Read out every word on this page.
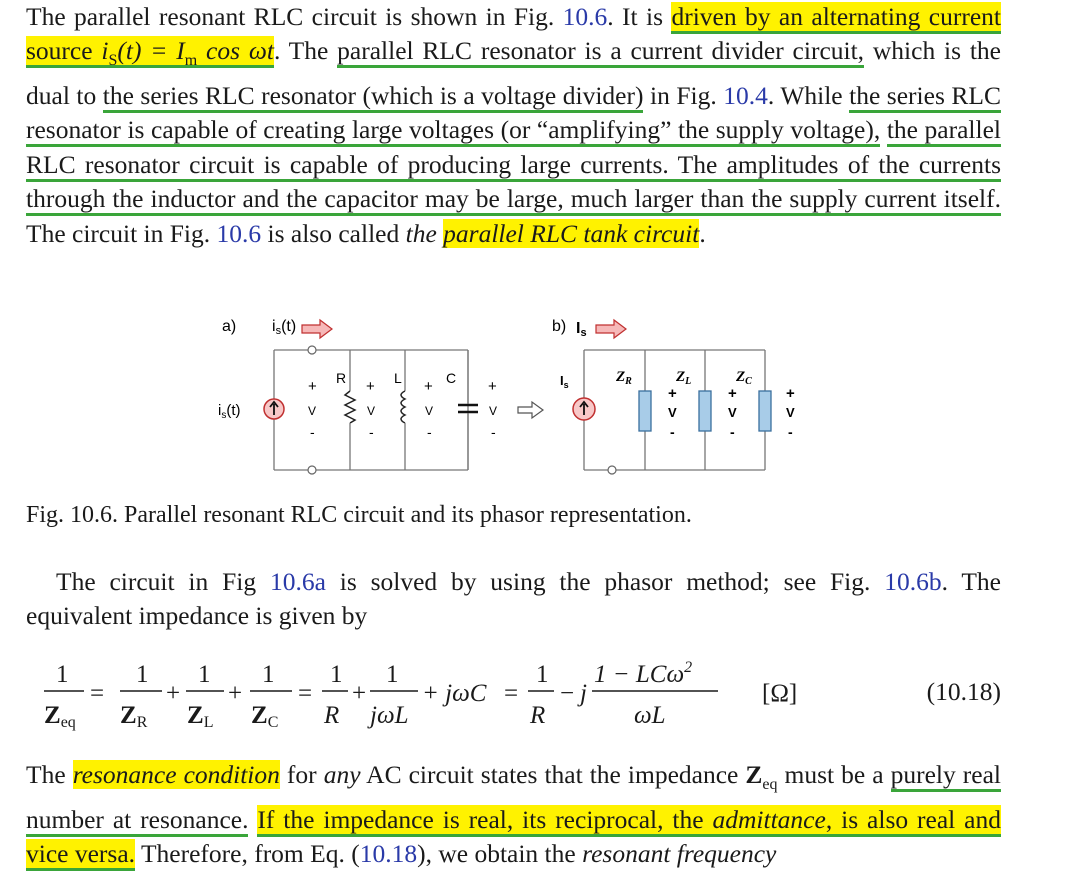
The parallel resonant RLC circuit is shown in Fig. 10.6. It is driven by an alternating current source $i_S(t) = I_m$ cos ωt. The parallel RLC resonator is a current divider circuit, which is the dual to the series RLC resonator (which is a voltage divider) in Fig. 10.4. While the series RLC resonator is capable of creating large voltages (or “amplifying” the supply voltage), the parallel RLC resonator circuit is capable of producing large currents. The amplitudes of the currents through the inductor and the capacitor may be large, much larger than the supply current itself. The circuit in Fig. 10.6 is also called the parallel RLC tank circuit.
a) is(t)
$i_s(t)$
+
V
-
R +
V
-
L +
V
-
C +
V
-
b) Is
$I_s$	$Z_R$
+
V
-
$Z_L$
+
V
-
$Z_C$
+
V
-
Fig. 10.6. Parallel resonant RLC circuit and its phasor representation.
The circuit in Fig 10.6a is solved by using the phasor method; see Fig. 10.6b. The equivalent impedance is given by
1
Zeq
=
1
ZR
+
1
ZL
+
1
ZC
=
1
R
+
1
jωL
+ jωC =
1
R
− j
1 − LCω$^2$
ωL
[Ω]	(10.18)
The resonance condition for any AC circuit states that the impedance $Z_{eq}$ must be a purely real number at resonance. If the impedance is real, its reciprocal, the admittance, is also real and vice versa. Therefore, from Eq. (10.18), we obtain the resonant frequency
